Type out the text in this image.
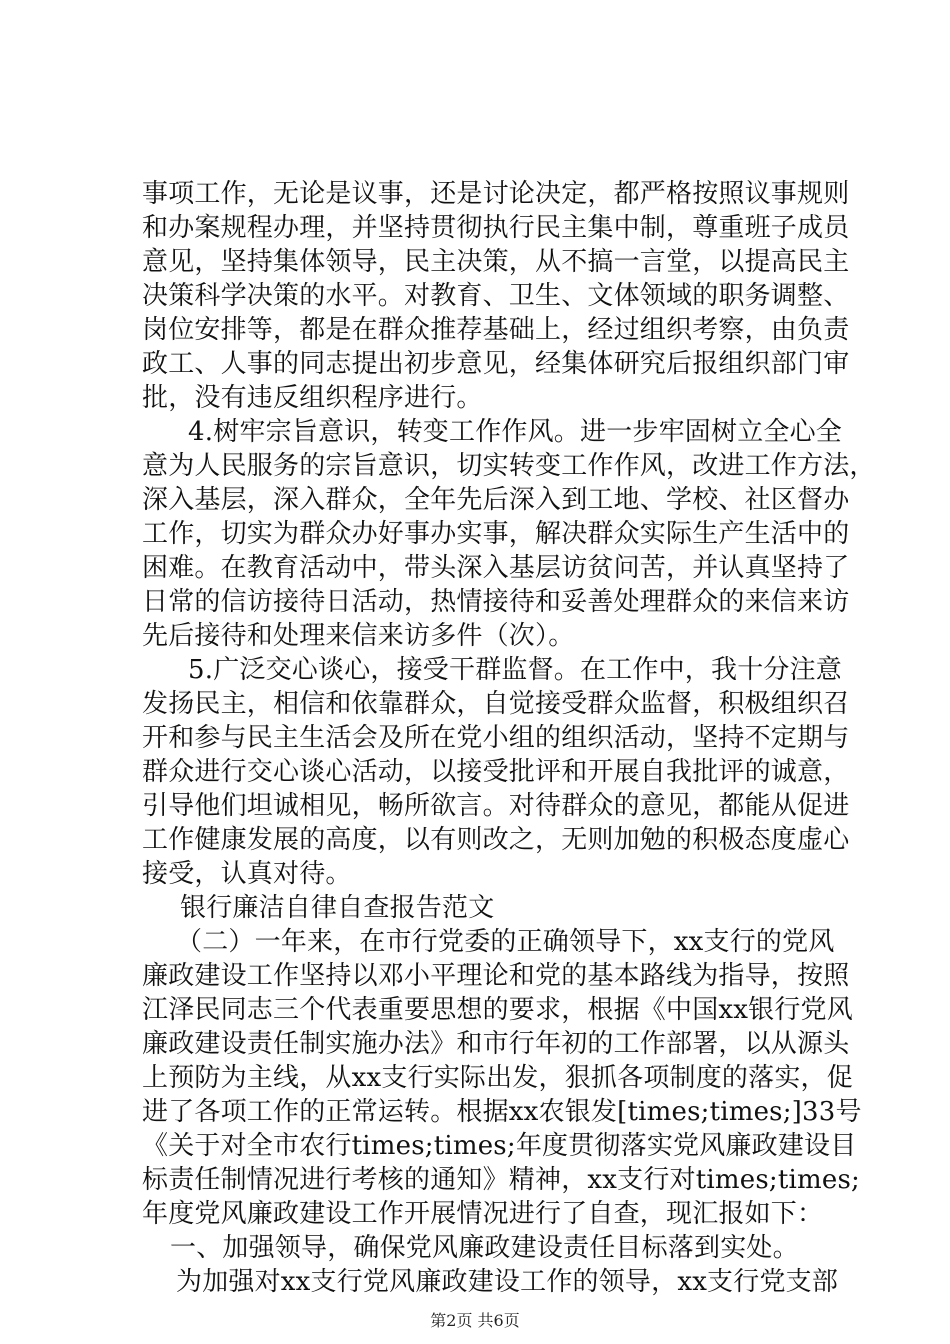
事项工作，无论是议事，还是讨论决定，都严格按照议事规则
和办案规程办理，并坚持贯彻执行民主集中制，尊重班子成员
意见，坚持集体领导，民主决策，从不搞一言堂，以提高民主
决策科学决策的水平。对教育、卫生、文体领域的职务调整、
岗位安排等，都是在群众推荐基础上，经过组织考察，由负责
政工、人事的同志提出初步意见，经集体研究后报组织部门审
批，没有违反组织程序进行。
4.树牢宗旨意识，转变工作作风。进一步牢固树立全心全
意为人民服务的宗旨意识，切实转变工作作风，改进工作方法，
深入基层，深入群众，全年先后深入到工地、学校、社区督办
工作，切实为群众办好事办实事，解决群众实际生产生活中的
困难。在教育活动中，带头深入基层访贫问苦，并认真坚持了
日常的信访接待日活动，热情接待和妥善处理群众的来信来访
先后接待和处理来信来访多件（次）。
5.广泛交心谈心，接受干群监督。在工作中，我十分注意
发扬民主，相信和依靠群众，自觉接受群众监督，积极组织召
开和参与民主生活会及所在党小组的组织活动，坚持不定期与
群众进行交心谈心活动，以接受批评和开展自我批评的诚意，
引导他们坦诚相见，畅所欲言。对待群众的意见，都能从促进
工作健康发展的高度，以有则改之，无则加勉的积极态度虚心
接受，认真对待。
银行廉洁自律自查报告范文
（二）一年来，在市行党委的正确领导下，xx支行的党风
廉政建设工作坚持以邓小平理论和党的基本路线为指导，按照
江泽民同志三个代表重要思想的要求，根据《中国xx银行党风
廉政建设责任制实施办法》和市行年初的工作部署，以从源头
上预防为主线，从xx支行实际出发，狠抓各项制度的落实，促
进了各项工作的正常运转。根据xx农银发[times;times;]33号
《关于对全市农行times;times;年度贯彻落实党风廉政建设目
标责任制情况进行考核的通知》精神，xx支行对times;times;
年度党风廉政建设工作开展情况进行了自查，现汇报如下：
一、加强领导，确保党风廉政建设责任目标落到实处。
为加强对xx支行党风廉政建设工作的领导，xx支行党支部
第2页 共6页
